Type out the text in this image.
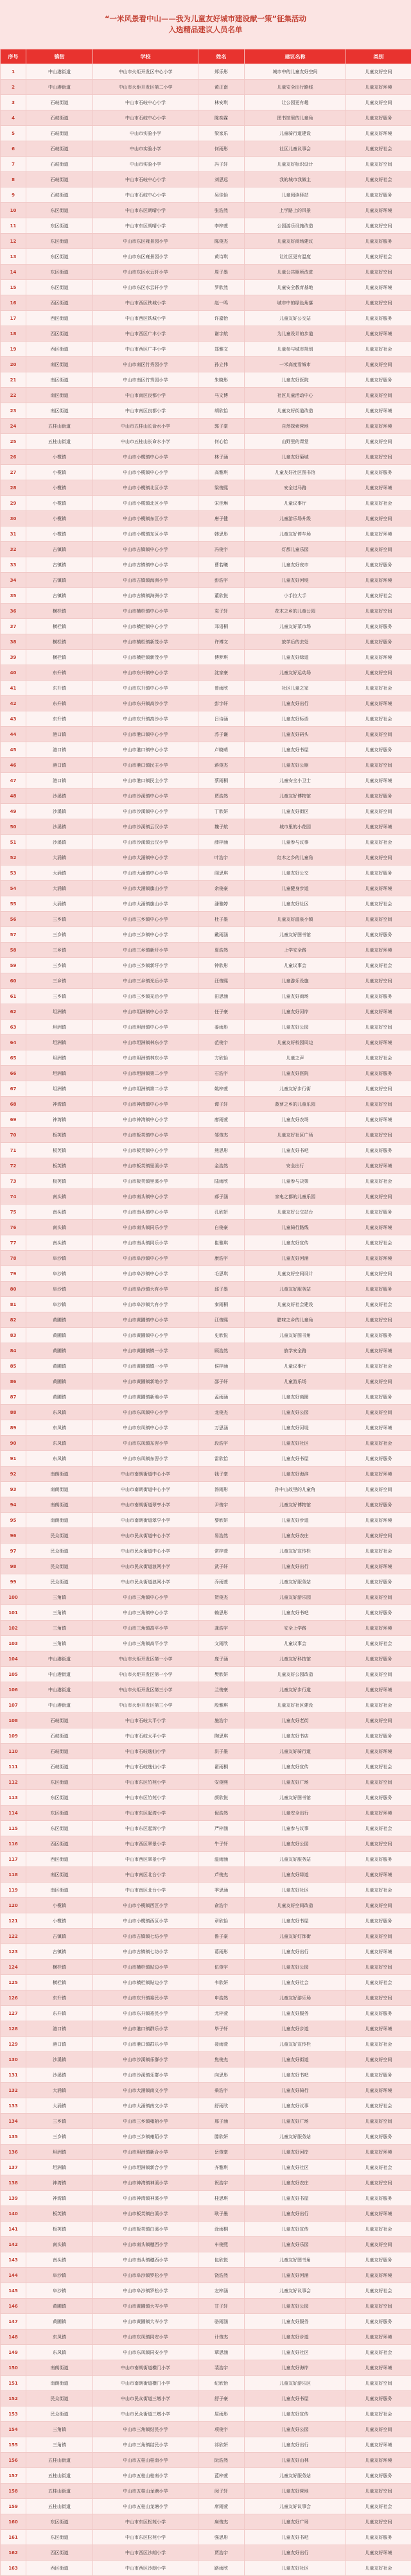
“一米风景看中山——我为儿童友好城市建设献一策”征集活动
入选精品建议人员名单
序号	镇街	学校	姓名	建议名称	类别
1	中山港街道	中山市火炬开发区中心小学	郑乐彤	城市中的儿童友好空间	儿童友好空间
2	中山港街道	中山市火炬开发区第二小学	黄正南	儿童安全出行路线	儿童友好环境
3	石岐街道	中山市石岐中心小学	林安琪	让公园更有趣	儿童友好空间
4	石岐街道	中山市石岐中心小学	陈奕霖	图书馆里的儿童角	儿童友好服务
5	石岐街道	中山市实验小学	梁家乐	儿童骑行道建设	儿童友好环境
6	石岐街道	中山市实验小学	何雨彤	社区儿童议事会	儿童友好社会
7	石岐街道	中山市实验小学	冯子轩	儿童友好标识设计	儿童友好空间
8	石岐街道	中山市石岐中心小学	刘思远	我的城市我做主	儿童友好社会
9	石岐街道	中山市石岐中心小学	吴佳怡	儿童阅读驿站	儿童友好服务
10	东区街道	中山市东区朗晴小学	张浩然	上学路上的风景	儿童友好环境
11	东区街道	中山市东区朗晴小学	李梓萱	公园游乐设施改造	儿童友好空间
12	东区街道	中山市东区雍景园小学	陈俊杰	儿童友好商场建议	儿童友好服务
13	东区街道	中山市东区雍景园小学	黄诗琪	让社区更有温度	儿童友好社会
14	东区街道	中山市东区水云轩小学	周子墨	儿童公共厕所改进	儿童友好空间
15	东区街道	中山市东区水云轩小学	罗欣然	儿童安全教育基地	儿童友好环境
16	西区街道	中山市西区铁城小学	赵一鸣	城市中的绿色角落	儿童友好空间
17	西区街道	中山市西区铁城小学	许嘉怡	儿童友好公交站	儿童友好服务
18	西区街道	中山市西区广丰小学	谢宇航	为儿童设计的步道	儿童友好环境
19	西区街道	中山市西区广丰小学	郑雅文	儿童参与城市规划	儿童友好社会
20	南区街道	中山市南区竹秀园小学	孙立伟	一米高度看城市	儿童友好空间
21	南区街道	中山市南区竹秀园小学	朱晓彤	儿童友好医院	儿童友好服务
22	南区街道	中山市南区良都小学	马文博	社区儿童活动中心	儿童友好空间
23	南区街道	中山市南区良都小学	胡欣怡	儿童友好街道改造	儿童友好环境
24	五桂山街道	中山市五桂山长命水小学	郭子豪	自然探索营地	儿童友好环境
25	五桂山街道	中山市五桂山长命水小学	何心怡	山野里的课堂	儿童友好空间
26	小榄镇	中山市小榄镇中心小学	林子涵	儿童友好菊城	儿童友好空间
27	小榄镇	中山市小榄镇中心小学	高雅琪	儿童友好社区图书馆	儿童友好服务
28	小榄镇	中山市小榄镇北区小学	梁俊熙	安全过马路	儿童友好环境
29	小榄镇	中山市小榄镇北区小学	宋佳琳	儿童议事厅	儿童友好社会
30	小榄镇	中山市小榄镇东区小学	唐子健	儿童游乐场升级	儿童友好空间
31	小榄镇	中山市小榄镇东区小学	韩思彤	儿童友好停车场	儿童友好环境
32	古镇镇	中山市古镇镇中心小学	冯俊宇	灯都儿童乐园	儿童友好空间
33	古镇镇	中山市古镇镇中心小学	曹若曦	儿童友好夜市	儿童友好服务
34	古镇镇	中山市古镇镇海洲小学	彭浩宇	儿童友好河堤	儿童友好环境
35	古镇镇	中山市古镇镇海洲小学	董欣悦	小手拉大手	儿童友好社会
36	横栏镇	中山市横栏镇中心小学	袁子轩	花木之乡的儿童公园	儿童友好空间
37	横栏镇	中山市横栏镇中心小学	邓语桐	儿童友好菜市场	儿童友好服务
38	横栏镇	中山市横栏镇新茂小学	许博文	放学后的去处	儿童友好服务
39	横栏镇	中山市横栏镇新茂小学	傅梦琪	儿童友好绿道	儿童友好环境
40	东升镇	中山市东升镇中心小学	沈家豪	儿童友好运动场	儿童友好空间
41	东升镇	中山市东升镇中心小学	曾雨欣	社区儿童之家	儿童友好社会
42	东升镇	中山市东升镇高沙小学	彭宇轩	儿童友好出行	儿童友好环境
43	东升镇	中山市东升镇高沙小学	吕诗涵	儿童友好标语	儿童友好社会
44	港口镇	中山市港口镇中心小学	苏子谦	儿童友好码头	儿童友好空间
45	港口镇	中山市港口镇中心小学	卢晓萌	儿童友好书屋	儿童友好服务
46	港口镇	中山市港口镇民主小学	蒋俊杰	儿童友好公厕	儿童友好空间
47	港口镇	中山市港口镇民主小学	蔡雨桐	儿童安全小卫士	儿童友好环境
48	沙溪镇	中山市沙溪镇中心小学	贾浩然	儿童友好博物馆	儿童友好服务
49	沙溪镇	中山市沙溪镇中心小学	丁欣妍	儿童友好街区	儿童友好空间
50	沙溪镇	中山市沙溪镇云汉小学	魏子航	城市里的小花园	儿童友好环境
51	沙溪镇	中山市沙溪镇云汉小学	薛梓涵	儿童参与议事	儿童友好社会
52	大涌镇	中山市大涌镇中心小学	叶浩宇	红木之乡的儿童角	儿童友好空间
53	大涌镇	中山市大涌镇中心小学	阎思琪	儿童友好公交	儿童友好服务
54	大涌镇	中山市大涌镇旗山小学	余俊豪	儿童健身步道	儿童友好环境
55	大涌镇	中山市大涌镇旗山小学	潘雅婷	儿童友好社区	儿童友好社会
56	三乡镇	中山市三乡镇中心小学	杜子墨	儿童友好温泉小镇	儿童友好空间
57	三乡镇	中山市三乡镇中心小学	戴雨涵	儿童友好图书馆	儿童友好服务
58	三乡镇	中山市三乡镇新圩小学	夏浩然	上学安全路	儿童友好环境
59	三乡镇	中山市三乡镇新圩小学	钟欣彤	儿童议事会	儿童友好社会
60	三乡镇	中山市三乡镇光后小学	汪俊熙	儿童游乐设施	儿童友好空间
61	三乡镇	中山市三乡镇光后小学	田思涵	儿童友好商场	儿童友好服务
62	坦洲镇	中山市坦洲镇中心小学	任子豪	儿童友好河岸	儿童友好环境
63	坦洲镇	中山市坦洲镇中心小学	姜雨彤	儿童友好公园	儿童友好空间
64	坦洲镇	中山市坦洲镇林东小学	范俊宇	儿童友好校园周边	儿童友好环境
65	坦洲镇	中山市坦洲镇林东小学	方欣怡	儿童之声	儿童友好社会
66	坦洲镇	中山市坦洲镇第二小学	石浩宇	儿童友好医院	儿童友好服务
67	坦洲镇	中山市坦洲镇第二小学	姚梓萱	儿童友好步行街	儿童友好空间
68	神湾镇	中山市神湾镇中心小学	谭子轩	菠萝之乡的儿童乐园	儿童友好空间
69	神湾镇	中山市神湾镇中心小学	廖雨萱	儿童友好农场	儿童友好环境
70	板芙镇	中山市板芙镇中心小学	邹俊杰	儿童友好社区广场	儿童友好空间
71	板芙镇	中山市板芙镇中心小学	熊思彤	儿童友好书吧	儿童友好服务
72	板芙镇	中山市板芙镇里溪小学	金浩然	安全出行	儿童友好环境
73	板芙镇	中山市板芙镇里溪小学	陆雨欣	儿童参与决策	儿童友好社会
74	南头镇	中山市南头镇中心小学	郝子涵	家电之都的儿童乐园	儿童友好空间
75	南头镇	中山市南头镇中心小学	孔欣妍	儿童友好公交站台	儿童友好服务
76	南头镇	中山市南头镇同乐小学	白俊豪	儿童骑行路线	儿童友好环境
77	南头镇	中山市南头镇同乐小学	崔雅琪	儿童友好宣传	儿童友好社会
78	阜沙镇	中山市阜沙镇中心小学	康浩宇	儿童友好河涌	儿童友好环境
79	阜沙镇	中山市阜沙镇中心小学	毛思琪	儿童友好空间设计	儿童友好空间
80	阜沙镇	中山市阜沙镇大有小学	邱子墨	儿童友好服务站	儿童友好服务
81	阜沙镇	中山市阜沙镇大有小学	秦雨桐	儿童友好社会建设	儿童友好社会
82	黄圃镇	中山市黄圃镇中心小学	江俊熙	腊味之乡的儿童角	儿童友好空间
83	黄圃镇	中山市黄圃镇中心小学	史欣悦	儿童友好图书角	儿童友好服务
84	黄圃镇	中山市黄圃镇镇一小学	顾浩然	放学安全路	儿童友好环境
85	黄圃镇	中山市黄圃镇镇一小学	侯梓涵	儿童议事厅	儿童友好社会
86	黄圃镇	中山市黄圃镇新地小学	邵子轩	儿童游乐场	儿童友好空间
87	黄圃镇	中山市黄圃镇新地小学	孟雨涵	儿童友好商圈	儿童友好服务
88	东凤镇	中山市东凤镇中心小学	龙俊杰	儿童友好公园	儿童友好空间
89	东凤镇	中山市东凤镇中心小学	万思涵	儿童友好河堤	儿童友好环境
90	东凤镇	中山市东凤镇东罟小学	段浩宇	儿童友好社区	儿童友好社会
91	东凤镇	中山市东凤镇东罟小学	雷欣怡	儿童友好书屋	儿童友好服务
92	南朗街道	中山市南朗街道中心小学	钱子豪	儿童友好海滨	儿童友好环境
93	南朗街道	中山市南朗街道中心小学	汤雨彤	孙中山故里的儿童角	儿童友好空间
94	南朗街道	中山市南朗街道翠亨小学	尹俊宇	儿童友好博物馆	儿童友好服务
95	南朗街道	中山市南朗街道翠亨小学	黎欣妍	儿童友好步道	儿童友好环境
96	民众街道	中山市民众街道中心小学	易浩然	儿童友好农庄	儿童友好空间
97	民众街道	中山市民众街道中心小学	常梓萱	儿童友好宣传栏	儿童友好社会
98	民众街道	中山市民众街道浪网小学	武子轩	儿童友好出行	儿童友好环境
99	民众街道	中山市民众街道浪网小学	乔雨萱	儿童友好服务站	儿童友好服务
100	三角镇	中山市三角镇中心小学	贺俊杰	儿童友好游乐园	儿童友好空间
101	三角镇	中山市三角镇中心小学	赖思彤	儿童友好书吧	儿童友好服务
102	三角镇	中山市三角镇高平小学	龚浩宇	安全上学路	儿童友好环境
103	三角镇	中山市三角镇高平小学	文雨欣	儿童议事会	儿童友好社会
104	中山港街道	中山市火炬开发区第一小学	庞子涵	儿童友好科技馆	儿童友好服务
105	中山港街道	中山市火炬开发区第一小学	樊欣妍	儿童友好公园改造	儿童友好空间
106	中山港街道	中山市火炬开发区第三小学	兰俊豪	儿童友好步行道	儿童友好环境
107	中山港街道	中山市火炬开发区第三小学	殷雅琪	儿童友好社区建设	儿童友好社会
108	石岐街道	中山市石岐太平小学	施浩宇	儿童友好老街	儿童友好空间
109	石岐街道	中山市石岐太平小学	陶思琪	儿童友好书店	儿童友好服务
110	石岐街道	中山市石岐逸仙小学	洪子墨	儿童友好骑行道	儿童友好环境
111	石岐街道	中山市石岐逸仙小学	翟雨桐	儿童友好宣传	儿童友好社会
112	东区街道	中山市东区竹苑小学	安俊熙	儿童友好广场	儿童友好空间
113	东区街道	中山市东区竹苑小学	颜欣悦	儿童友好图书馆	儿童友好服务
114	东区街道	中山市东区起湾小学	倪浩然	儿童安全出行	儿童友好环境
115	东区街道	中山市东区起湾小学	严梓涵	儿童参与议事	儿童友好社会
116	西区街道	中山市西区翠景小学	牛子轩	儿童友好公园	儿童友好空间
117	西区街道	中山市西区翠景小学	温雨涵	儿童友好服务站	儿童友好服务
118	南区街道	中山市南区北台小学	芦俊杰	儿童友好绿道	儿童友好环境
119	南区街道	中山市南区北台小学	季思涵	儿童友好社区	儿童友好社会
120	小榄镇	中山市小榄镇西区小学	俞浩宇	儿童友好空间改造	儿童友好空间
121	小榄镇	中山市小榄镇西区小学	章欣怡	儿童友好书屋	儿童友好服务
122	古镇镇	中山市古镇镇七坊小学	鲁子豪	儿童友好灯饰街	儿童友好空间
123	古镇镇	中山市古镇镇七坊小学	葛雨彤	儿童友好出行	儿童友好环境
124	横栏镇	中山市横栏镇贴边小学	伍俊宇	儿童友好公园	儿童友好空间
125	横栏镇	中山市横栏镇贴边小学	韦欣妍	儿童友好社会	儿童友好社会
126	东升镇	中山市东升镇裕民小学	申浩然	儿童友好游乐场	儿童友好空间
127	东升镇	中山市东升镇裕民小学	尤梓萱	儿童友好服务	儿童友好服务
128	港口镇	中山市港口镇群乐小学	毕子轩	儿童友好步道	儿童友好环境
129	港口镇	中山市港口镇群乐小学	聂雨萱	儿童友好宣传栏	儿童友好社会
130	沙溪镇	中山市沙溪镇乐群小学	焦俊杰	儿童友好街道	儿童友好空间
131	沙溪镇	中山市沙溪镇乐群小学	向思彤	儿童友好书吧	儿童友好服务
132	大涌镇	中山市大涌镇南文小学	柴浩宇	儿童友好骑行	儿童友好环境
133	大涌镇	中山市大涌镇南文小学	舒雨欣	儿童友好议事	儿童友好社会
134	三乡镇	中山市三乡镇雍陌小学	邢子涵	儿童友好广场	儿童友好空间
135	三乡镇	中山市三乡镇雍陌小学	滕欣妍	儿童友好服务站	儿童友好服务
136	坦洲镇	中山市坦洲镇新合小学	岳俊豪	儿童友好河岸	儿童友好环境
137	坦洲镇	中山市坦洲镇新合小学	齐雅琪	儿童友好社区	儿童友好社会
138	神湾镇	中山市神湾镇神溪小学	祝浩宇	儿童友好农庄	儿童友好空间
139	神湾镇	中山市神湾镇神溪小学	桂思琪	儿童友好书屋	儿童友好服务
140	板芙镇	中山市板芙镇白溪小学	耿子墨	儿童友好出行	儿童友好环境
141	板芙镇	中山市板芙镇白溪小学	涂雨桐	儿童友好宣传	儿童友好社会
142	南头镇	中山市南头镇穗西小学	车俊熙	儿童友好乐园	儿童友好空间
143	南头镇	中山市南头镇穗西小学	包欣悦	儿童友好图书角	儿童友好服务
144	阜沙镇	中山市阜沙镇罗松小学	饶浩然	儿童友好河涌	儿童友好环境
145	阜沙镇	中山市阜沙镇罗松小学	左梓涵	儿童友好议事会	儿童友好社会
146	黄圃镇	中山市黄圃镇大岑小学	甘子轩	儿童友好公园	儿童友好空间
147	黄圃镇	中山市黄圃镇大岑小学	骆雨涵	儿童友好服务	儿童友好服务
148	东凤镇	中山市东凤镇同安小学	计俊杰	儿童友好步道	儿童友好环境
149	东凤镇	中山市东凤镇同安小学	覃思涵	儿童友好社区	儿童友好社会
150	南朗街道	中山市南朗街道横门小学	裴浩宇	儿童友好海岸	儿童友好环境
151	南朗街道	中山市南朗街道横门小学	纪欣怡	儿童友好游乐区	儿童友好空间
152	民众街道	中山市民众街道三墩小学	舒子豪	儿童友好书屋	儿童友好服务
153	民众街道	中山市民众街道三墩小学	屈雨彤	儿童友好宣传	儿童友好社会
154	三角镇	中山市三角镇结民小学	项俊宇	儿童友好公园	儿童友好空间
155	三角镇	中山市三角镇结民小学	祁欣妍	儿童友好出行	儿童友好环境
156	五桂山街道	中山市五桂山桂南小学	阮浩然	儿童友好山林	儿童友好环境
157	五桂山街道	中山市五桂山桂南小学	蓝梓萱	儿童友好服务站	儿童友好服务
158	五桂山街道	中山市五桂山龙塘小学	闵子轩	儿童友好营地	儿童友好空间
159	五桂山街道	中山市五桂山龙塘小学	席雨萱	儿童友好议事会	儿童友好社会
160	东区街道	中山市东区松苑小学	麻俊杰	儿童友好广场	儿童友好空间
161	东区街道	中山市东区松苑小学	强思彤	儿童友好书吧	儿童友好服务
162	西区街道	中山市西区沙朗小学	贾浩宇	儿童友好出行	儿童友好环境
163	西区街道	中山市西区沙朗小学	路雨欣	儿童友好社区	儿童友好社会
